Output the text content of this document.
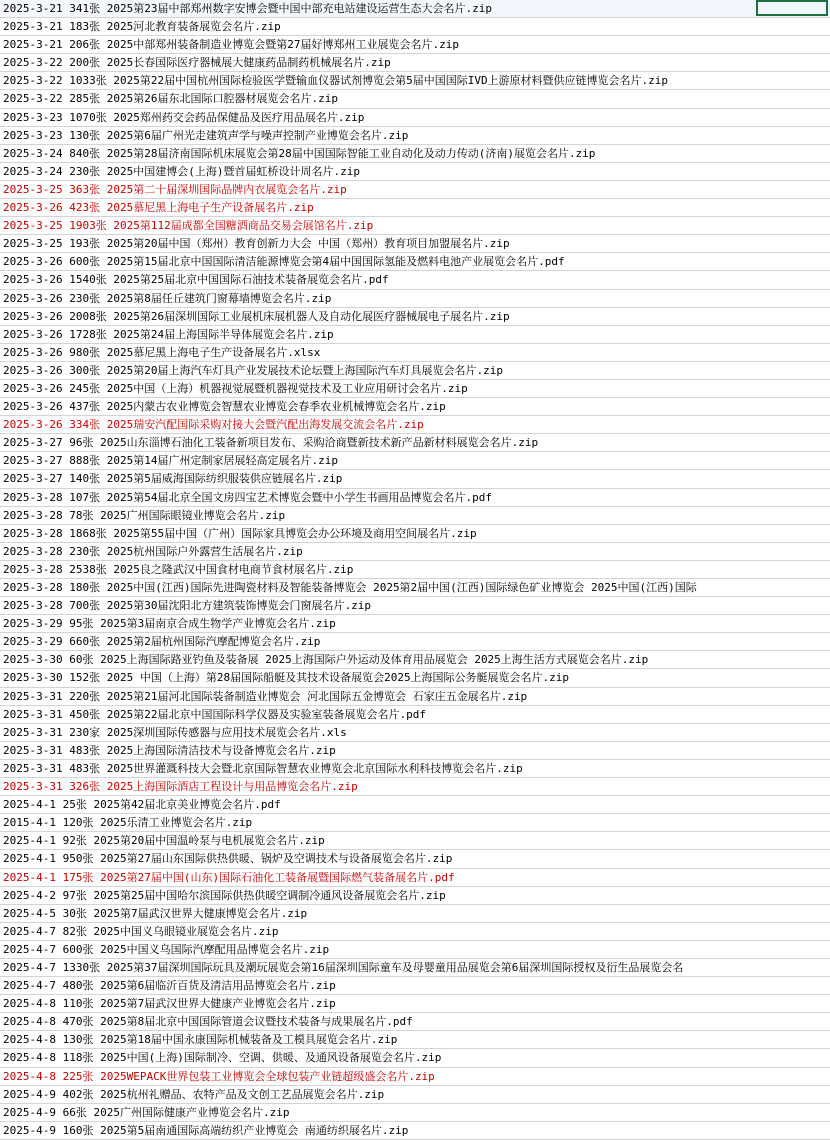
2025-3-21 341张 2025第23届中部郑州数字安博会暨中国中部充电站建设运营生态大会名片.zip
2025-3-21 183张 2025河北教育装备展览会名片.zip
2025-3-21 206张 2025中部郑州装备制造业博览会暨第27届好博郑州工业展览会名片.zip
2025-3-22 200张 2025长春国际医疗器械展大健康药品制药机械展名片.zip
2025-3-22 1033张 2025第22届中国杭州国际检验医学暨输血仪器试剂博览会第5届中国国际IVD上游原材料暨供应链博览会名片.zip
2025-3-22 285张 2025第26届东北国际口腔器材展览会名片.zip
2025-3-23 1070张 2025郑州药交会药品保健品及医疗用品展名片.zip
2025-3-23 130张 2025第6届广州光走建筑声学与噪声控制产业博览会名片.zip
2025-3-24 840张 2025第28届济南国际机床展览会第28届中国国际智能工业自动化及动力传动(济南)展览会名片.zip
2025-3-24 230张 2025中国建博会(上海)暨首届虹桥设计周名片.zip
2025-3-25 363张 2025第二十届深圳国际品牌内衣展览会名片.zip
2025-3-26 423张 2025慕尼黑上海电子生产设备展名片.zip
2025-3-25 1903张 2025第112届成都全国糖酒商品交易会展馆名片.zip
2025-3-25 193张 2025第20届中国（郑州）教育创新力大会 中国（郑州）教育项目加盟展名片.zip
2025-3-26 600张 2025第15届北京中国国际清洁能源博览会第4届中国国际氢能及燃料电池产业展览会名片.pdf
2025-3-26 1540张 2025第25届北京中国国际石油技术装备展览会名片.pdf
2025-3-26 230张 2025第8届任丘建筑门窗幕墙博览会名片.zip
2025-3-26 2008张 2025第26届深圳国际工业展机床展机器人及自动化展医疗器械展电子展名片.zip
2025-3-26 1728张 2025第24届上海国际半导体展览会名片.zip
2025-3-26 980张 2025慕尼黑上海电子生产设备展名片.xlsx
2025-3-26 300张 2025第20届上海汽车灯具产业发展技术论坛暨上海国际汽车灯具展览会名片.zip
2025-3-26 245张 2025中国（上海）机器视觉展暨机器视觉技术及工业应用研讨会名片.zip
2025-3-26 437张 2025内蒙古农业博览会智慧农业博览会春季农业机械博览会名片.zip
2025-3-26 334张 2025瑞安汽配国际采购对接大会暨汽配出海发展交流会名片.zip
2025-3-27 96张 2025山东淄博石油化工装备新项目发布、采购洽商暨新技术新产品新材料展览会名片.zip
2025-3-27 888张 2025第14届广州定制家居展轻高定展名片.zip
2025-3-27 140张 2025第5届威海国际纺织服装供应链展名片.zip
2025-3-28 107张 2025第54届北京全国文房四宝艺术博览会暨中小学生书画用品博览会名片.pdf
2025-3-28 78张 2025广州国际眼镜业博览会名片.zip
2025-3-28 1868张 2025第55届中国（广州）国际家具博览会办公环境及商用空间展名片.zip
2025-3-28 230张 2025杭州国际户外露营生活展名片.zip
2025-3-28 2538张 2025良之隆武汉中国食材电商节食材展名片.zip
2025-3-28 180张 2025中国(江西)国际先进陶瓷材料及智能装备博览会 2025第2届中国(江西)国际绿色矿业博览会 2025中国(江西)国际
2025-3-28 700张 2025第30届沈阳北方建筑装饰博览会门窗展名片.zip
2025-3-29 95张 2025第3届南京合成生物学产业博览会名片.zip
2025-3-29 660张 2025第2届杭州国际汽摩配博览会名片.zip
2025-3-30 60张 2025上海国际路亚钓鱼及装备展 2025上海国际户外运动及体育用品展览会 2025上海生活方式展览会名片.zip
2025-3-30 152张 2025 中国（上海）第28届国际船艇及其技术设备展览会2025上海国际公务艇展览会名片.zip
2025-3-31 220张 2025第21届河北国际装备制造业博览会 河北国际五金博览会 石家庄五金展名片.zip
2025-3-31 450张 2025第22届北京中国国际科学仪器及实验室装备展览会名片.pdf
2025-3-31 230家 2025深圳国际传感器与应用技术展览会名片.xls
2025-3-31 483张 2025上海国际清洁技术与设备博览会名片.zip
2025-3-31 483张 2025世界灌溉科技大会暨北京国际智慧农业博览会北京国际水利科技博览会名片.zip
2025-3-31 326张 2025上海国际酒店工程设计与用品博览会名片.zip
2025-4-1 25张 2025第42届北京美业博览会名片.pdf
2015-4-1 120张 2025乐清工业博览会名片.zip
2025-4-1 92张 2025第20届中国温岭泵与电机展览会名片.zip
2025-4-1 950张 2025第27届山东国际供热供暖、锅炉及空调技术与设备展览会名片.zip
2025-4-1 175张 2025第27届中国(山东)国际石油化工装备展暨国际燃气装备展名片.pdf
2025-4-2 97张 2025第25届中国哈尔滨国际供热供暖空调制冷通风设备展览会名片.zip
2025-4-5 30张 2025第7届武汉世界大健康博览会名片.zip
2025-4-7 82张 2025中国义乌眼镜业展览会名片.zip
2025-4-7 600张 2025中国义乌国际汽摩配用品博览会名片.zip
2025-4-7 1330张 2025第37届深圳国际玩具及潮玩展览会第16届深圳国际童车及母婴童用品展览会第6届深圳国际授权及衍生品展览会名
2025-4-7 480张 2025第6届临沂百货及清洁用品博览会名片.zip
2025-4-8 110张 2025第7届武汉世界大健康产业博览会名片.zip
2025-4-8 470张 2025第8届北京中国国际管道会议暨技术装备与成果展名片.pdf
2025-4-8 130张 2025第18届中国永康国际机械装备及工模具展览会名片.zip
2025-4-8 118张 2025中国(上海)国际制冷、空调、供暖、及通风设备展览会名片.zip
2025-4-8 225张 2025WEPACK世界包装工业博览会全球包装产业链超级盛会名片.zip
2025-4-9 402张 2025杭州礼赠品、农特产品及文创工艺品展览会名片.zip
2025-4-9 66张 2025广州国际健康产业博览会名片.zip
2025-4-9 160张 2025第5届南通国际高端纺织产业博览会 南通纺织展名片.zip
